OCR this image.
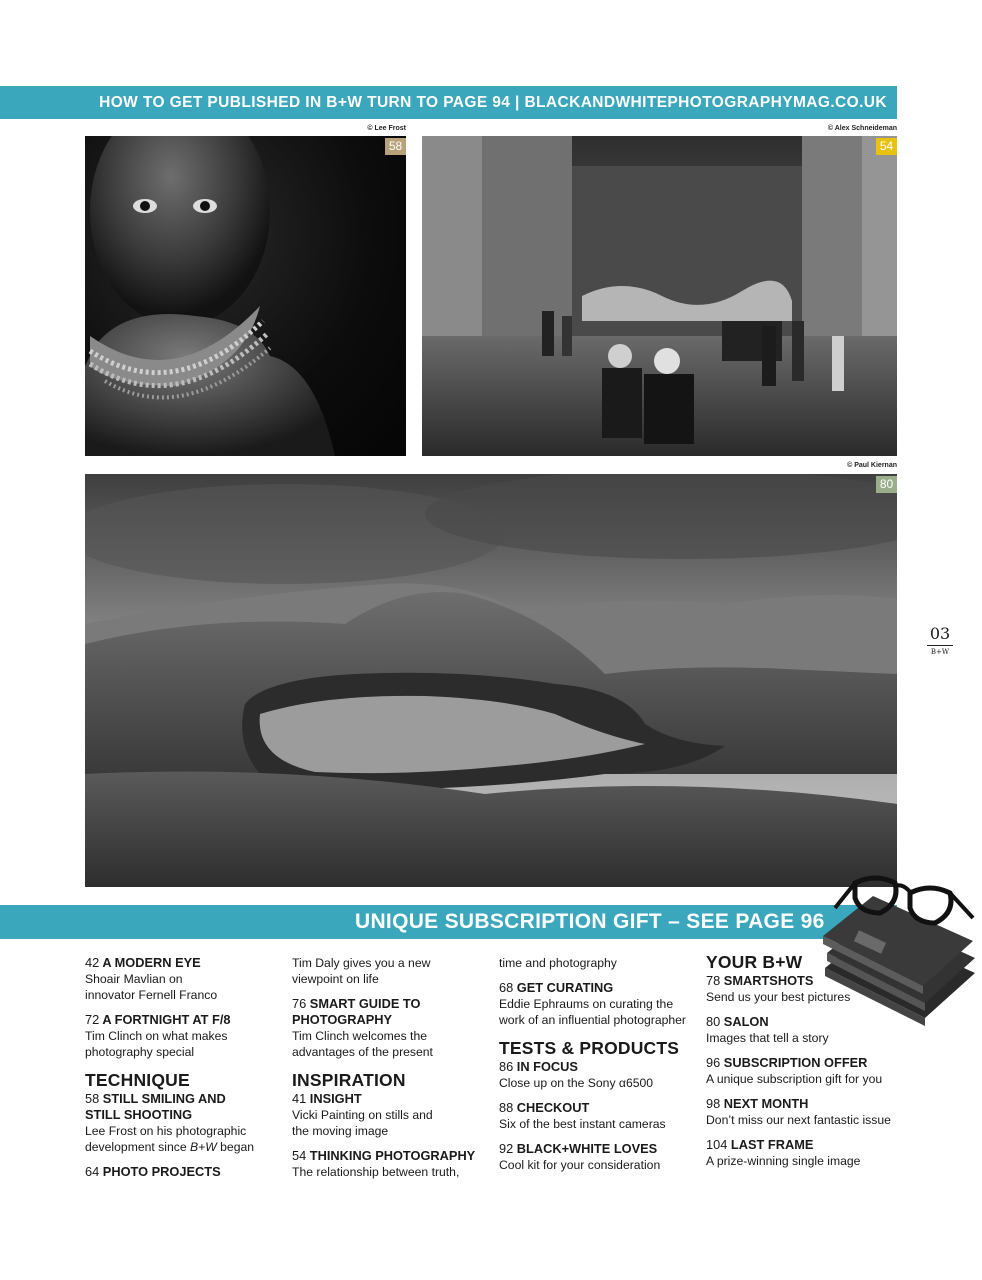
HOW TO GET PUBLISHED IN B+W TURN TO PAGE 94 | BLACKANDWHITEPHOTOGRAPHYMAG.CO.UK
© Lee Frost
58
© Alex Schneideman
54
© Paul Kiernan
80
03
B+W
UNIQUE SUBSCRIPTION GIFT – SEE PAGE 96
42 A MODERN EYE
Shoair Mavlian on innovator Fernell Franco
72 A FORTNIGHT AT F/8
Tim Clinch on what makes photography special
TECHNIQUE
58 STILL SMILING AND STILL SHOOTING
Lee Frost on his photographic development since B+W began
64 PHOTO PROJECTS
Tim Daly gives you a new viewpoint on life
76 SMART GUIDE TO PHOTOGRAPHY
Tim Clinch welcomes the advantages of the present
INSPIRATION
41 INSIGHT
Vicki Painting on stills and the moving image
54 THINKING PHOTOGRAPHY
The relationship between truth,
time and photography
68 GET CURATING
Eddie Ephraums on curating the work of an influential photographer
TESTS & PRODUCTS
86 IN FOCUS
Close up on the Sony α6500
88 CHECKOUT
Six of the best instant cameras
92 BLACK+WHITE LOVES
Cool kit for your consideration
YOUR B+W
78 SMARTSHOTS
Send us your best pictures
80 SALON
Images that tell a story
96 SUBSCRIPTION OFFER
A unique subscription gift for you
98 NEXT MONTH
Don’t miss our next fantastic issue
104 LAST FRAME
A prize-winning single image
